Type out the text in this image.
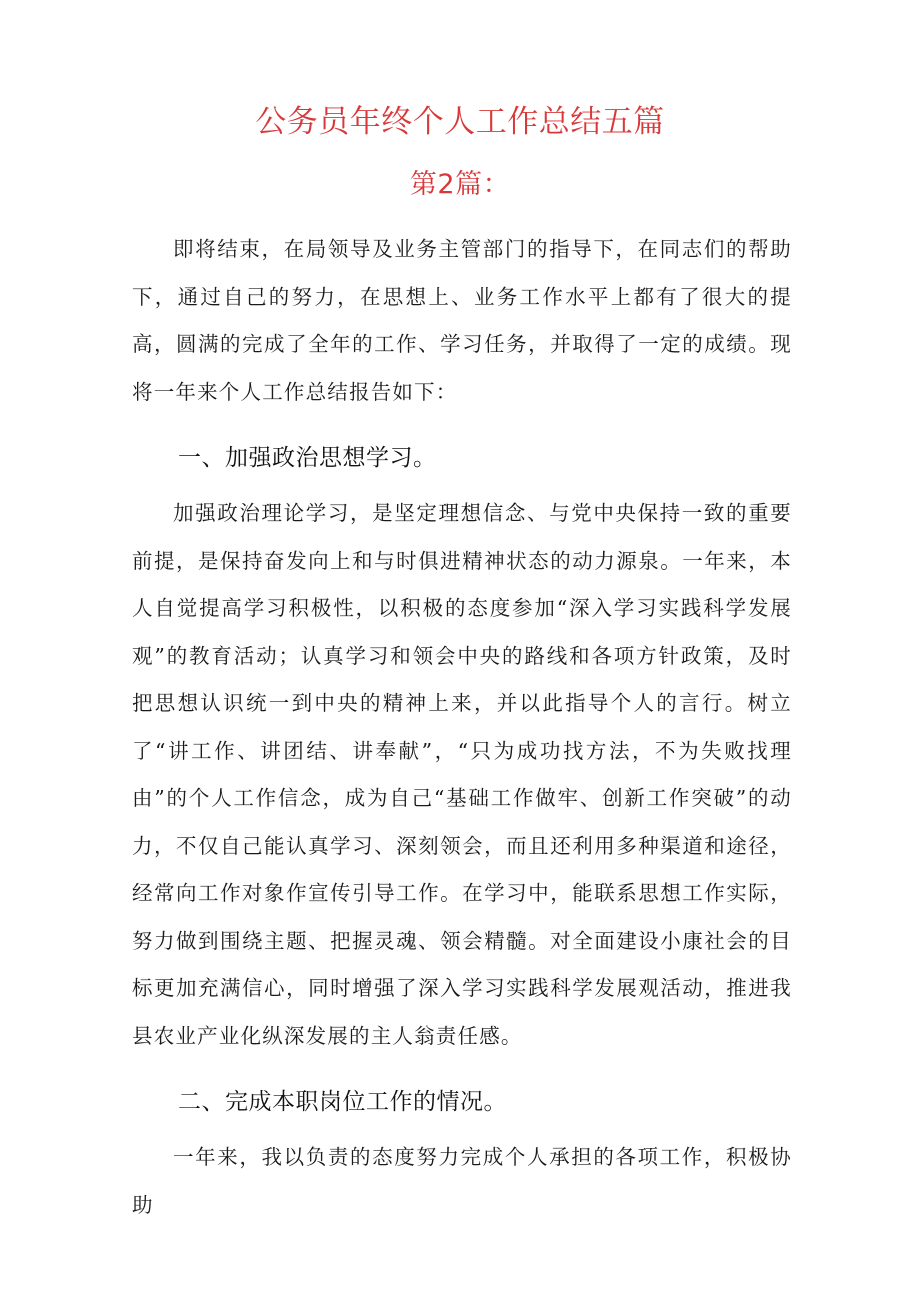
公务员年终个人工作总结五篇
第2篇：

即将结束，在局领导及业务主管部门的指导下，在同志们的帮助下，通过自己的努力，在思想上、业务工作水平上都有了很大的提高，圆满的完成了全年的工作、学习任务，并取得了一定的成绩。现将一年来个人工作总结报告如下：

一、加强政治思想学习。

加强政治理论学习，是坚定理想信念、与党中央保持一致的重要前提，是保持奋发向上和与时俱进精神状态的动力源泉。一年来，本人自觉提高学习积极性，以积极的态度参加“深入学习实践科学发展观”的教育活动；认真学习和领会中央的路线和各项方针政策，及时把思想认识统一到中央的精神上来，并以此指导个人的言行。树立了“讲工作、讲团结、讲奉献”，“只为成功找方法，不为失败找理由”的个人工作信念，成为自己“基础工作做牢、创新工作突破”的动力，不仅自己能认真学习、深刻领会，而且还利用多种渠道和途径，经常向工作对象作宣传引导工作。在学习中，能联系思想工作实际，努力做到围绕主题、把握灵魂、领会精髓。对全面建设小康社会的目标更加充满信心，同时增强了深入学习实践科学发展观活动，推进我县农业产业化纵深发展的主人翁责任感。

二、完成本职岗位工作的情况。

一年来，我以负责的态度努力完成个人承担的各项工作，积极协助
